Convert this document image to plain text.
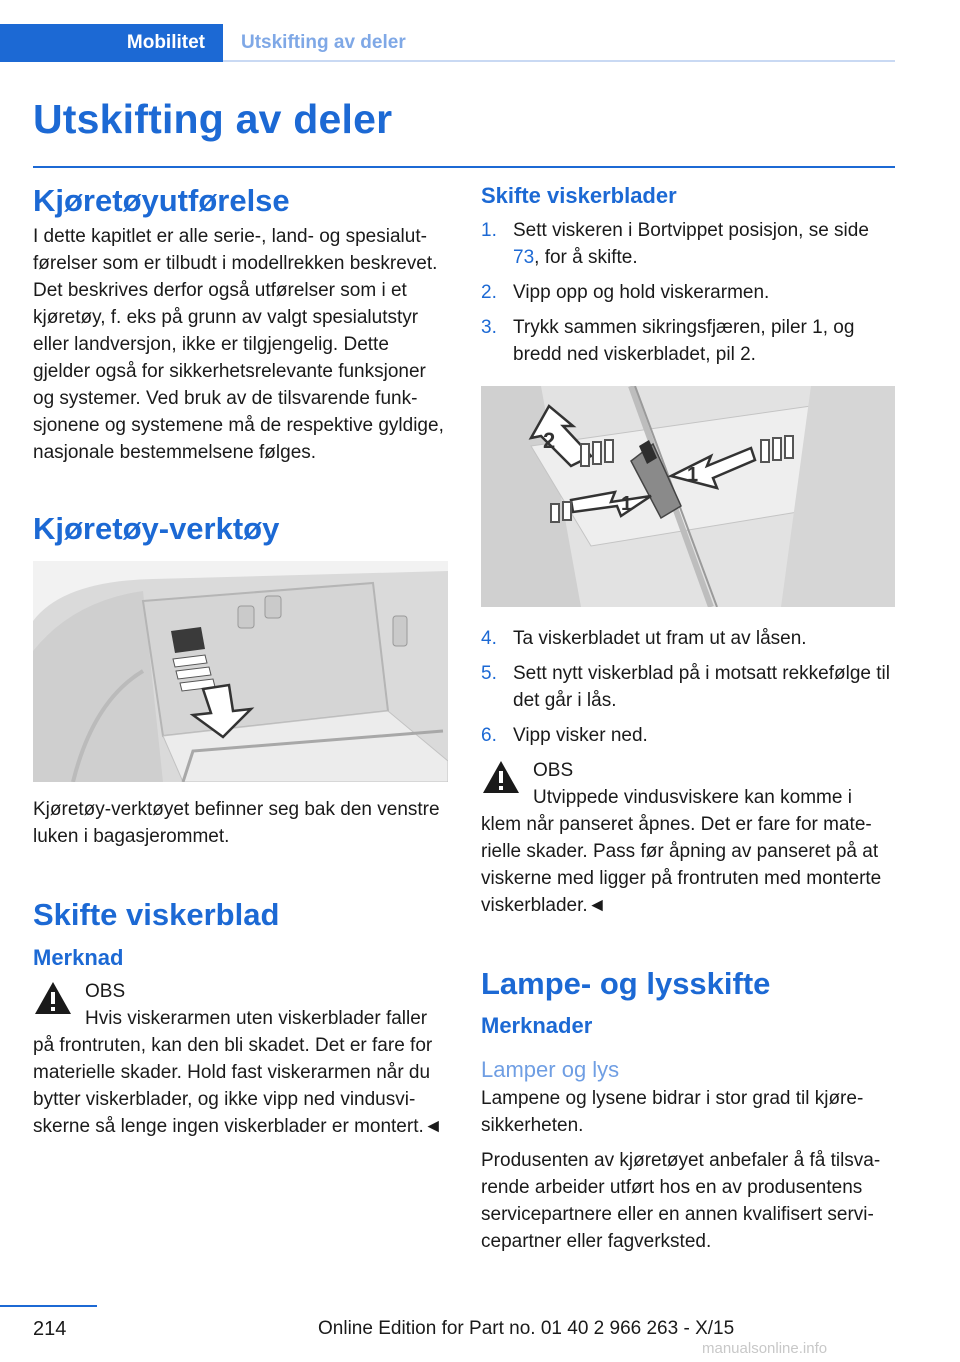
Mobilitet	Utskifting av deler
Utskifting av deler
Kjøretøyutførelse

I dette kapitlet er alle serie-, land- og spesialutførelser som er tilbudt i modellrekken beskrevet. Det beskrives derfor også utførelser som i et kjøretøy, f. eks på grunn av valgt spesialutstyr eller landversjon, ikke er tilgjengelig. Dette gjelder også for sikkerhetsrelevante funksjoner og systemer. Ved bruk av de tilsvarende funksjonene og systemene må de respektive gyldige, nasjonale bestemmelsene følges.

Kjøretøy-verktøy

Kjøretøy-verktøyet befinner seg bak den venstre luken i bagasjerommet.

Skifte viskerblad
Merknad
OBS

Hvis viskerarmen uten viskerblader faller

på frontruten, kan den bli skadet. Det er fare for materielle skader. Hold fast viskerarmen når du bytter viskerblader, og ikke vipp ned vindusviskerne så lenge ingen viskerblader er montert.◄

Skifte viskerblader
1. Sett viskeren i Bortvippet posisjon, se side 73, for å skifte.
2. Vipp opp og hold viskerarmen.
3. Trykk sammen sikringsfjæren, piler 1, og bredd ned viskerbladet, pil 2.
1
1
2
4. Ta viskerbladet ut fram ut av låsen.
5. Sett nytt viskerblad på i motsatt rekkefølge til det går i lås.
6. Vipp visker ned.
OBS

Utvippede vindusviskere kan komme i

klem når panseret åpnes. Det er fare for materielle skader. Pass før åpning av panseret på at viskerne med ligger på frontruten med monterte viskerblader.◄

Lampe- og lysskifte
Merknader
Lamper og lys

Lampene og lysene bidrar i stor grad til kjøresikkerheten.

Produsenten av kjøretøyet anbefaler å få tilsvarende arbeider utført hos en av produsentens servicepartnere eller en annen kvalifisert servicepartner eller fagverksted.

214	Online Edition for Part no. 01 40 2 966 263 - X/15
manualsonline.info
